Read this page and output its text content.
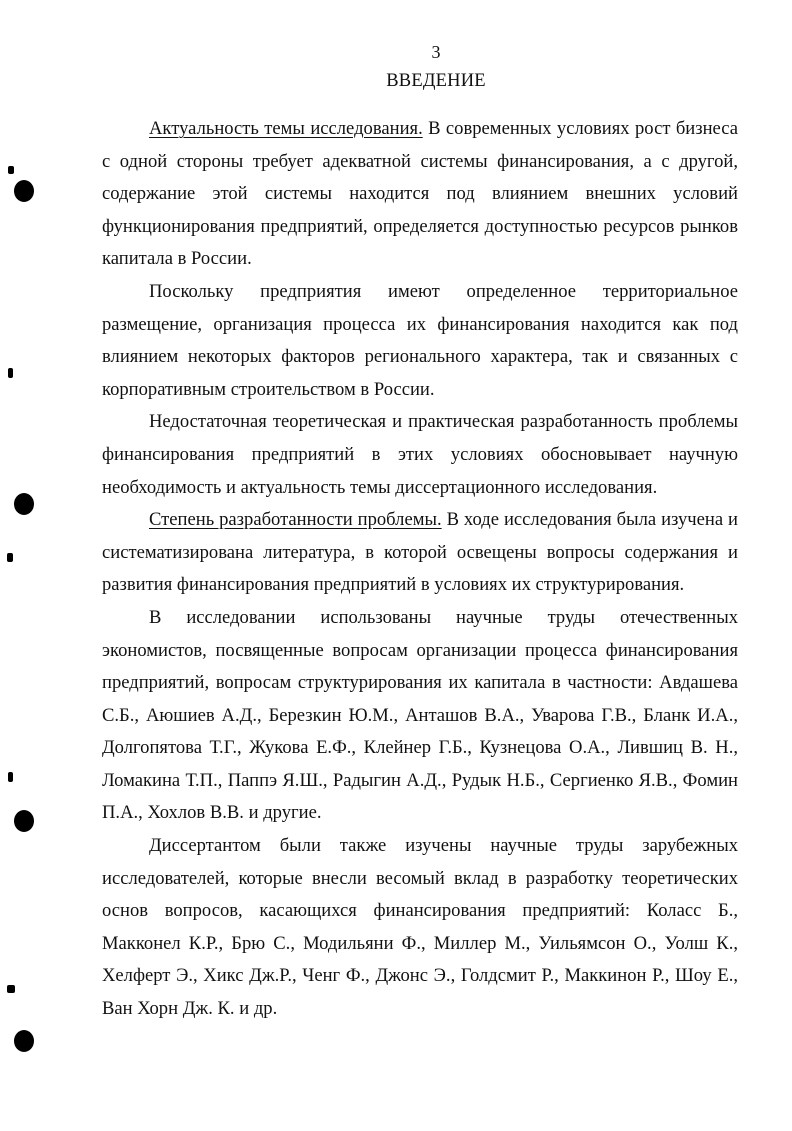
3
ВВЕДЕНИЕ

Актуальность темы исследования. В современных условиях рост бизнеса с одной стороны требует адекватной системы финансирования, а с другой, содержание этой системы находится под влиянием внешних условий функционирования предприятий, определяется доступностью ресурсов рынков капитала в России.

Поскольку предприятия имеют определенное территориальное размещение, организация процесса их финансирования находится как под влиянием некоторых факторов регионального характера, так и связанных с корпоративным строительством в России.

Недостаточная теоретическая и практическая разработанность проблемы финансирования предприятий в этих условиях обосновывает научную необходимость и актуальность темы диссертационного исследования.

Степень разработанности проблемы. В ходе исследования была изучена и систематизирована литература, в которой освещены вопросы содержания и развития финансирования предприятий в условиях их структурирования.

В исследовании использованы научные труды отечественных экономистов, посвященные вопросам организации процесса финансирования предприятий, вопросам структурирования их капитала в частности: Авдашева С.Б., Аюшиев А.Д., Березкин Ю.М., Анташов В.А., Уварова Г.В., Бланк И.А., Долгопятова Т.Г., Жукова Е.Ф., Клейнер Г.Б., Кузнецова О.А., Лившиц В. Н., Ломакина Т.П., Паппэ Я.Ш., Радыгин А.Д., Рудык Н.Б., Сергиенко Я.В., Фомин П.А., Хохлов В.В. и другие.

Диссертантом были также изучены научные труды зарубежных исследователей, которые внесли весомый вклад в разработку теоретических основ вопросов, касающихся финансирования предприятий: Коласс Б., Макконел К.Р., Брю С., Модильяни Ф., Миллер М., Уильямсон О., Уолш К., Хелферт Э., Хикс Дж.Р., Ченг Ф., Джонс Э., Голдсмит Р., Маккинон Р., Шоу Е., Ван Хорн Дж. К. и др.
